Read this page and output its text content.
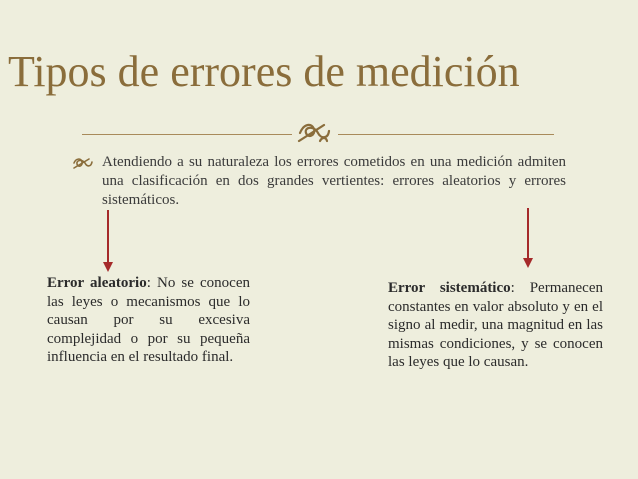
Tipos de errores de medición
Atendiendo a su naturaleza los errores cometidos en una medición admiten una clasificación en dos grandes vertientes: errores aleatorios y errores sistemáticos.
Error aleatorio: No se conocen las leyes o mecanismos que lo causan por su excesiva complejidad o por su pequeña influencia en el resultado final.
Error sistemático: Permanecen constantes en valor absoluto y en el signo al medir, una magnitud en las mismas condiciones, y se conocen las leyes que lo causan.
